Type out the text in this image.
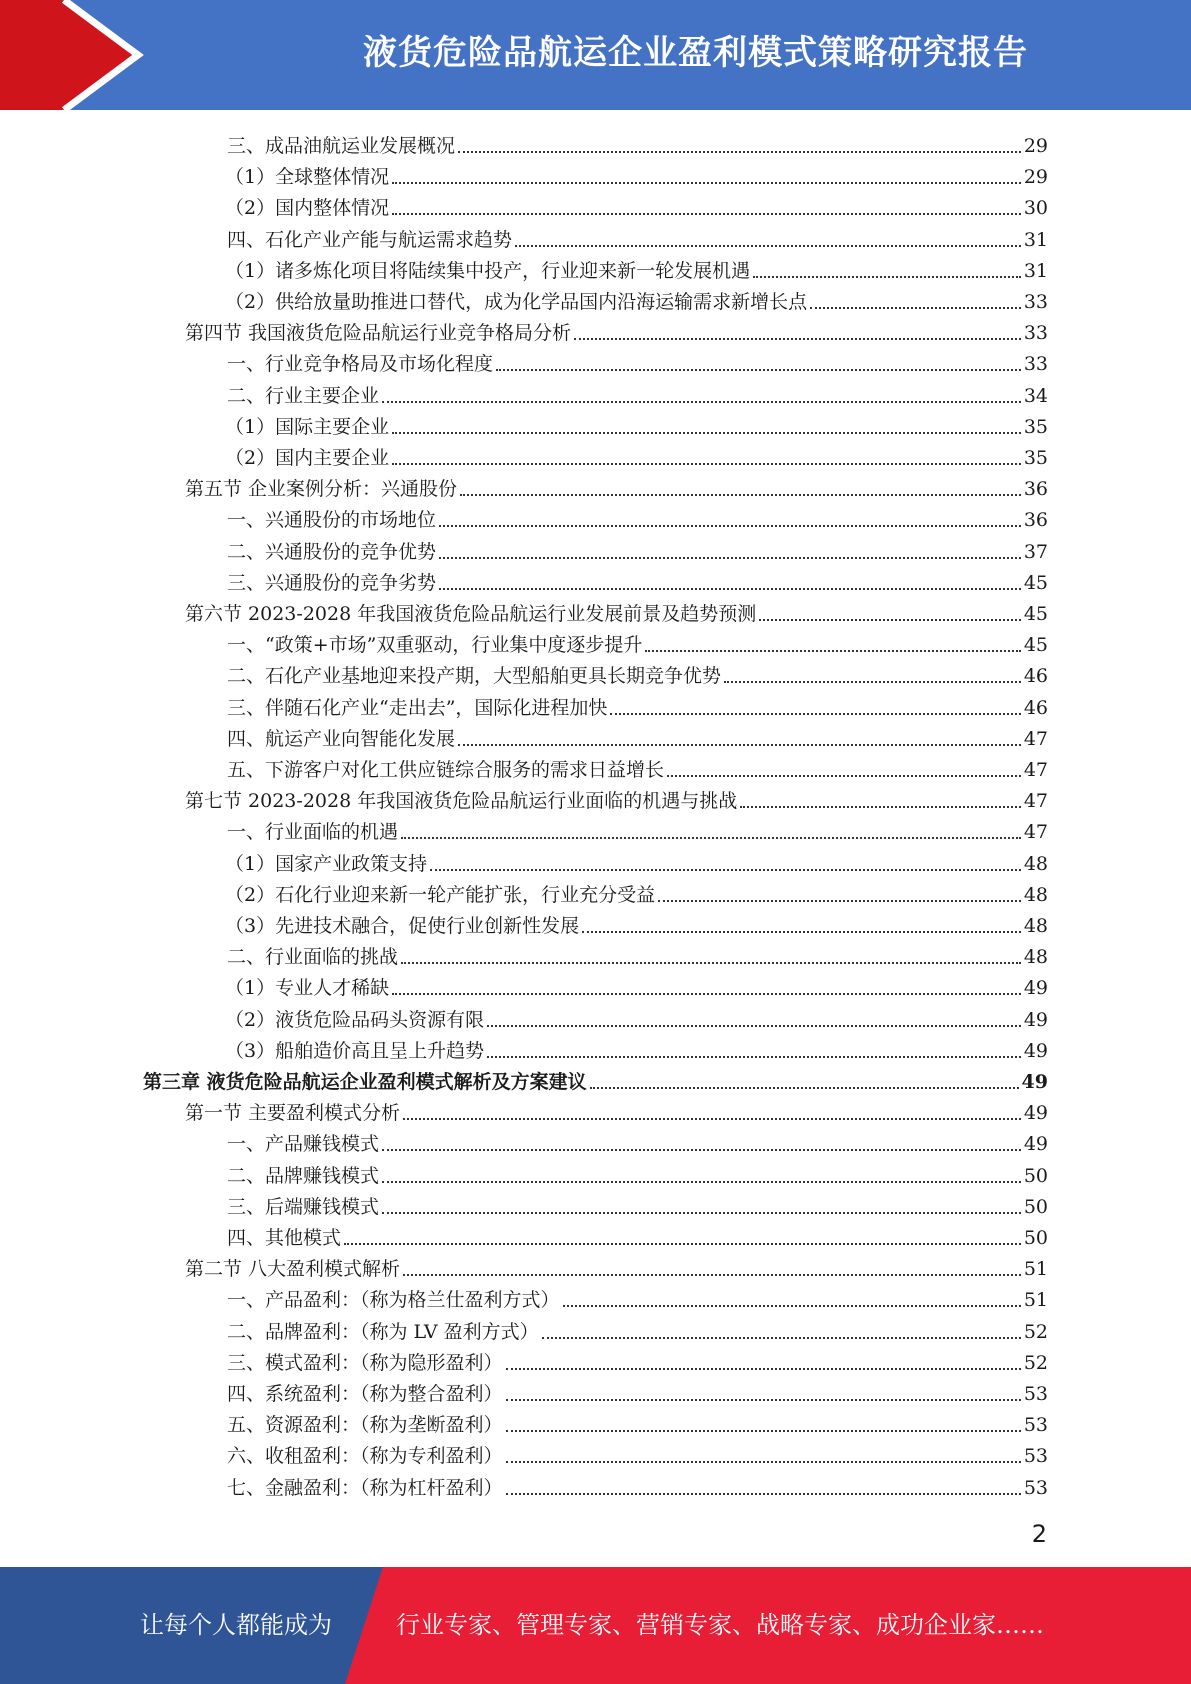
液货危险品航运企业盈利模式策略研究报告
三、成品油航运业发展概况	29
（1）全球整体情况	29
（2）国内整体情况	30
四、石化产业产能与航运需求趋势	31
（1）诸多炼化项目将陆续集中投产，行业迎来新一轮发展机遇	31
（2）供给放量助推进口替代，成为化学品国内沿海运输需求新增长点	33
第四节 我国液货危险品航运行业竞争格局分析	33
一、行业竞争格局及市场化程度	33
二、行业主要企业	34
（1）国际主要企业	35
（2）国内主要企业	35
第五节 企业案例分析：兴通股份	36
一、兴通股份的市场地位	36
二、兴通股份的竞争优势	37
三、兴通股份的竞争劣势	45
第六节 2023-2028 年我国液货危险品航运行业发展前景及趋势预测	45
一、“政策+市场”双重驱动，行业集中度逐步提升	45
二、石化产业基地迎来投产期，大型船舶更具长期竞争优势	46
三、伴随石化产业“走出去”，国际化进程加快	46
四、航运产业向智能化发展	47
五、下游客户对化工供应链综合服务的需求日益增长	47
第七节 2023-2028 年我国液货危险品航运行业面临的机遇与挑战	47
一、行业面临的机遇	47
（1）国家产业政策支持	48
（2）石化行业迎来新一轮产能扩张，行业充分受益	48
（3）先进技术融合，促使行业创新性发展	48
二、行业面临的挑战	48
（1）专业人才稀缺	49
（2）液货危险品码头资源有限	49
（3）船舶造价高且呈上升趋势	49
第三章 液货危险品航运企业盈利模式解析及方案建议	49
第一节 主要盈利模式分析	49
一、产品赚钱模式	49
二、品牌赚钱模式	50
三、后端赚钱模式	50
四、其他模式	50
第二节 八大盈利模式解析	51
一、产品盈利：（称为格兰仕盈利方式）	51
二、品牌盈利：（称为 LV 盈利方式）	52
三、模式盈利：（称为隐形盈利）	52
四、系统盈利：（称为整合盈利）	53
五、资源盈利：（称为垄断盈利）	53
六、收租盈利：（称为专利盈利）	53
七、金融盈利：（称为杠杆盈利）	53
2
让每个人都能成为	行业专家、管理专家、营销专家、战略专家、成功企业家……
